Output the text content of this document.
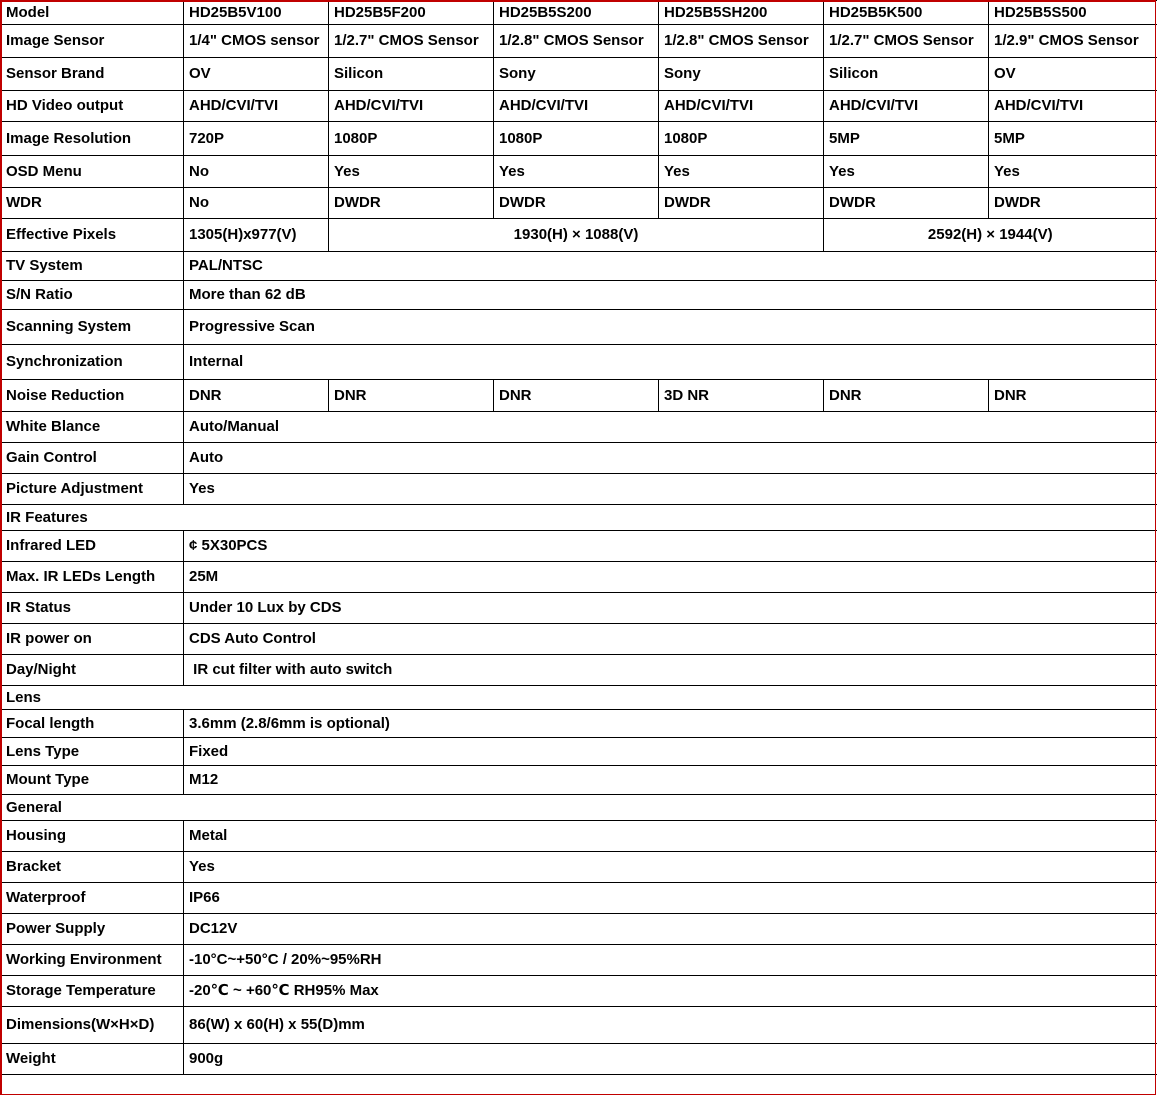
Model	HD25B5V100	HD25B5F200	HD25B5S200	HD25B5SH200	HD25B5K500	HD25B5S500
Image Sensor	1/4" CMOS sensor	1/2.7" CMOS Sensor	1/2.8" CMOS Sensor	1/2.8" CMOS Sensor	1/2.7" CMOS Sensor	1/2.9" CMOS Sensor
Sensor Brand	OV	Silicon	Sony	Sony	Silicon	OV
HD Video output	AHD/CVI/TVI	AHD/CVI/TVI	AHD/CVI/TVI	AHD/CVI/TVI	AHD/CVI/TVI	AHD/CVI/TVI
Image Resolution	720P	1080P	1080P	1080P	5MP	5MP
OSD Menu	No	Yes	Yes	Yes	Yes	Yes
WDR	No	DWDR	DWDR	DWDR	DWDR	DWDR
Effective Pixels	1305(H)x977(V)	1930(H) × 1088(V)			2592(H) × 1944(V)	
TV System	PAL/NTSC					
S/N Ratio	More than 62 dB					
Scanning System	Progressive Scan					
Synchronization	Internal					
Noise Reduction	DNR	DNR	DNR	3D NR	DNR	DNR
White Blance	Auto/Manual					
Gain Control	Auto					
Picture Adjustment	Yes					
IR Features						
Infrared LED	¢ 5X30PCS					
Max. IR LEDs Length	25M					
IR Status	Under 10 Lux by CDS					
IR power on	CDS Auto Control					
Day/Night	IR cut filter with auto switch					
Lens						
Focal length	3.6mm (2.8/6mm is optional)					
Lens Type	Fixed					
Mount Type	M12					
General						
Housing	Metal					
Bracket	Yes					
Waterproof	IP66					
Power Supply	DC12V					
Working Environment	-10°C~+50°C / 20%~95%RH					
Storage Temperature	-20℃ ~ +60℃ RH95% Max					
Dimensions(W×H×D)	86(W) x 60(H) x 55(D)mm					
Weight	900g					
